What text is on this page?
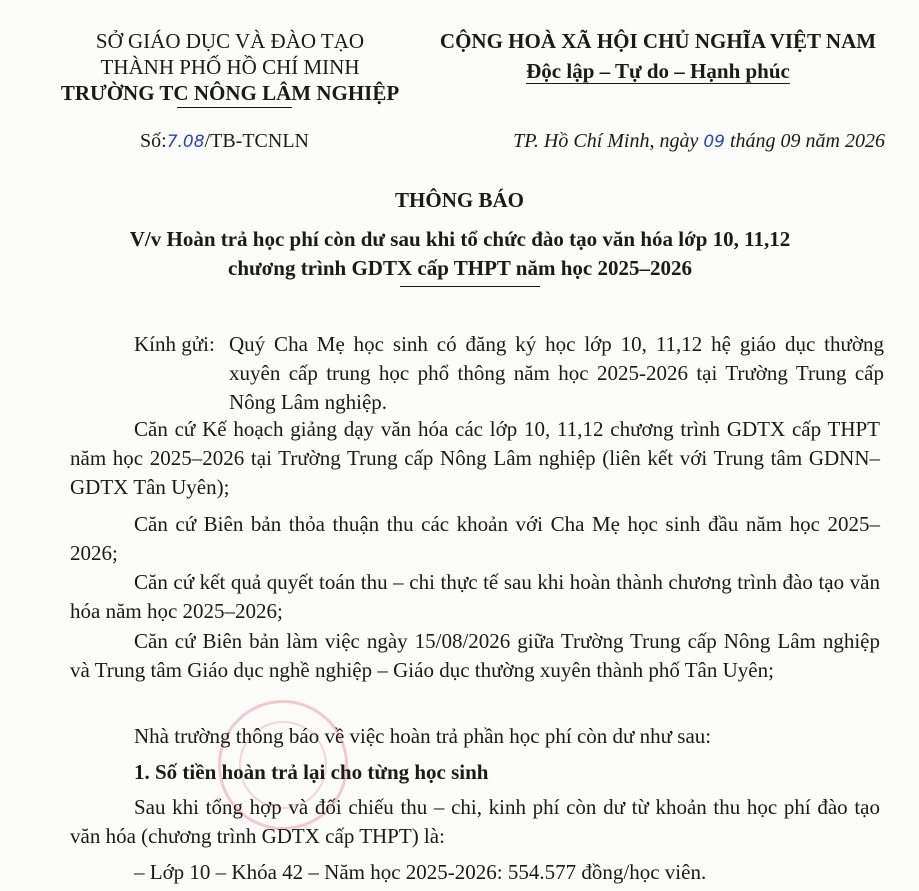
SỞ GIÁO DỤC VÀ ĐÀO TẠO
THÀNH PHỐ HỒ CHÍ MINH
TRƯỜNG TC NÔNG LÂM NGHIỆP
CỘNG HOÀ XÃ HỘI CHỦ NGHĨA VIỆT NAM
Độc lập – Tự do – Hạnh phúc
Số:7.08/TB-TCNLN	TP. Hồ Chí Minh, ngày 09 tháng 09 năm 2026
THÔNG BÁO
V/v Hoàn trả học phí còn dư sau khi tổ chức đào tạo văn hóa lớp 10, 11,12
chương trình GDTX cấp THPT năm học 2025–2026
Kính gửi: Quý Cha Mẹ học sinh có đăng ký học lớp 10, 11,12 hệ giáo dục thường xuyên cấp trung học phổ thông năm học 2025-2026 tại Trường Trung cấp Nông Lâm nghiệp.
Căn cứ Kế hoạch giảng dạy văn hóa các lớp 10, 11,12 chương trình GDTX cấp THPT năm học 2025–2026 tại Trường Trung cấp Nông Lâm nghiệp (liên kết với Trung tâm GDNN–GDTX Tân Uyên);
Căn cứ Biên bản thỏa thuận thu các khoản với Cha Mẹ học sinh đầu năm học 2025–2026;
Căn cứ kết quả quyết toán thu – chi thực tế sau khi hoàn thành chương trình đào tạo văn hóa năm học 2025–2026;
Căn cứ Biên bản làm việc ngày 15/08/2026 giữa Trường Trung cấp Nông Lâm nghiệp và Trung tâm Giáo dục nghề nghiệp – Giáo dục thường xuyên thành phố Tân Uyên;
Nhà trường thông báo về việc hoàn trả phần học phí còn dư như sau:
1. Số tiền hoàn trả lại cho từng học sinh
Sau khi tổng hợp và đối chiếu thu – chi, kinh phí còn dư từ khoản thu học phí đào tạo văn hóa (chương trình GDTX cấp THPT) là:
– Lớp 10 – Khóa 42 – Năm học 2025-2026: 554.577 đồng/học viên.
